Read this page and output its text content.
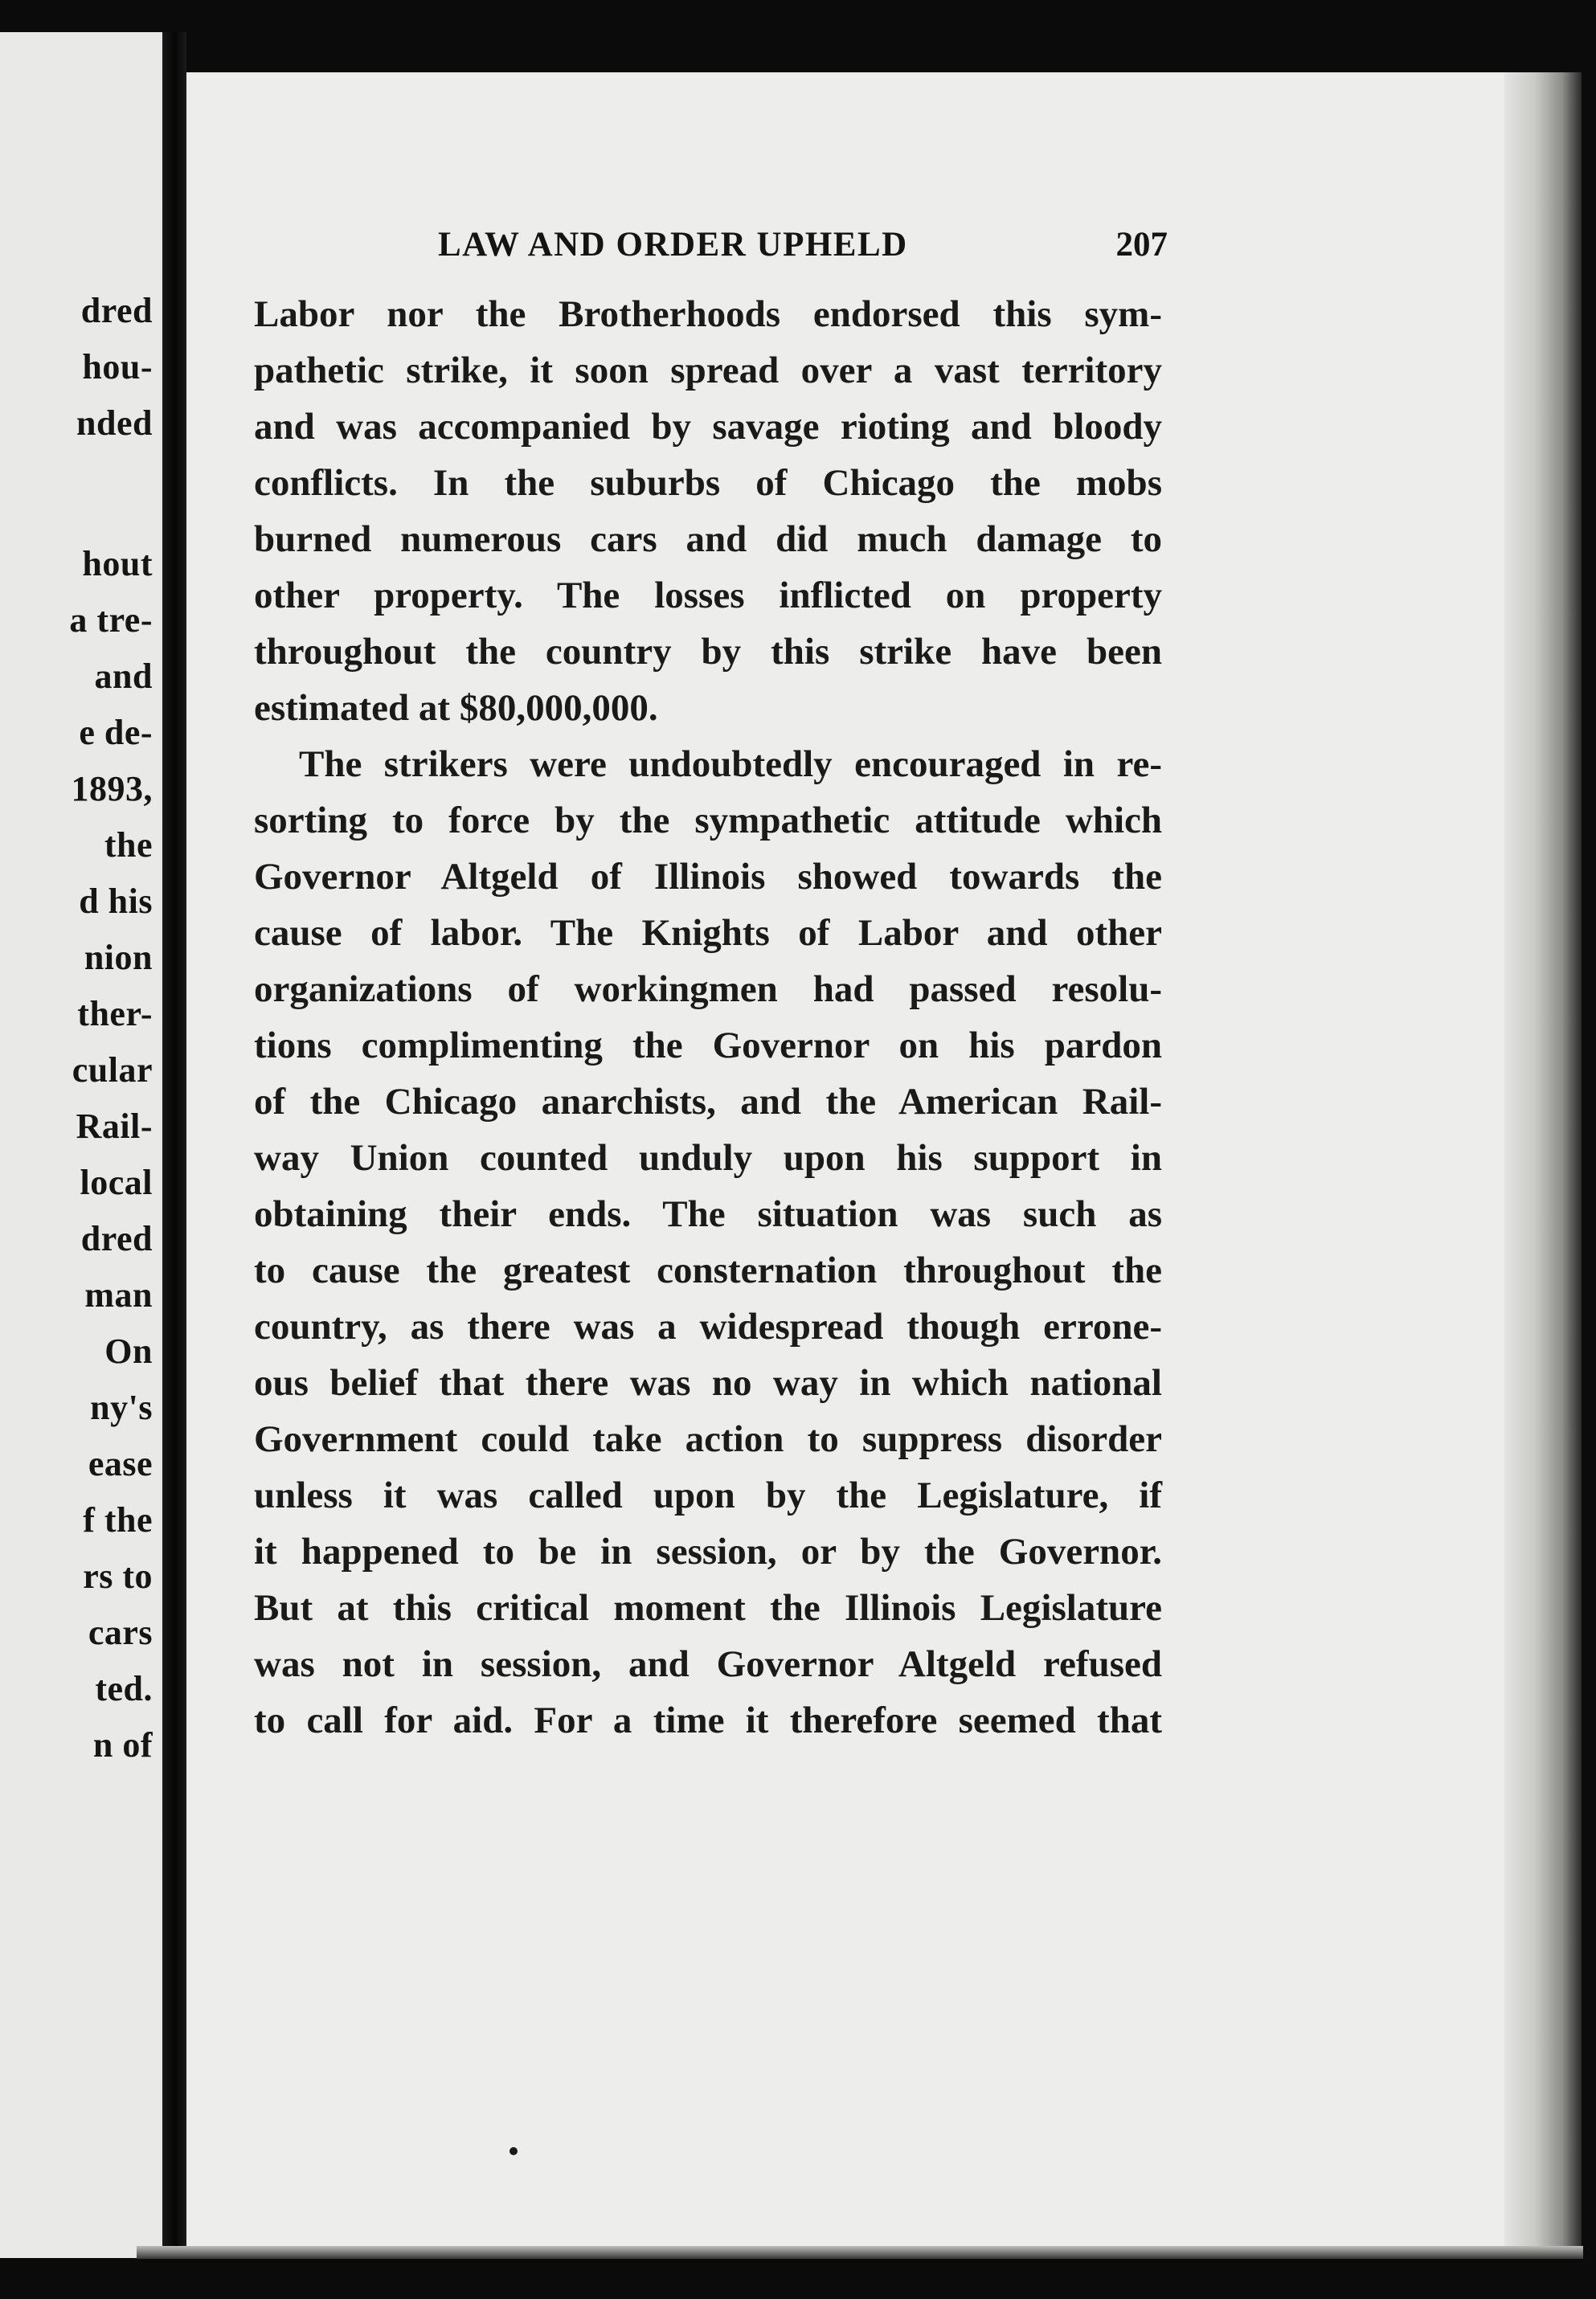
dred

hou-

nded

hout

a tre-

and

e de-

1893,

the

d his

nion

ther-

cular

Rail-

local

dred

man

On

ny's

ease

f the

rs to

cars

ted.

n of

LAW AND ORDER UPHELD	207

Labor nor the Brotherhoods endorsed this sym-

pathetic strike, it soon spread over a vast territory

and was accompanied by savage rioting and bloody

conflicts. In the suburbs of Chicago the mobs

burned numerous cars and did much damage to

other property. The losses inflicted on property

throughout the country by this strike have been

estimated at $80,000,000.

The strikers were undoubtedly encouraged in re-

sorting to force by the sympathetic attitude which

Governor Altgeld of Illinois showed towards the

cause of labor. The Knights of Labor and other

organizations of workingmen had passed resolu-

tions complimenting the Governor on his pardon

of the Chicago anarchists, and the American Rail-

way Union counted unduly upon his support in

obtaining their ends. The situation was such as

to cause the greatest consternation throughout the

country, as there was a widespread though errone-

ous belief that there was no way in which national

Government could take action to suppress disorder

unless it was called upon by the Legislature, if

it happened to be in session, or by the Governor.

But at this critical moment the Illinois Legislature

was not in session, and Governor Altgeld refused

to call for aid. For a time it therefore seemed that
